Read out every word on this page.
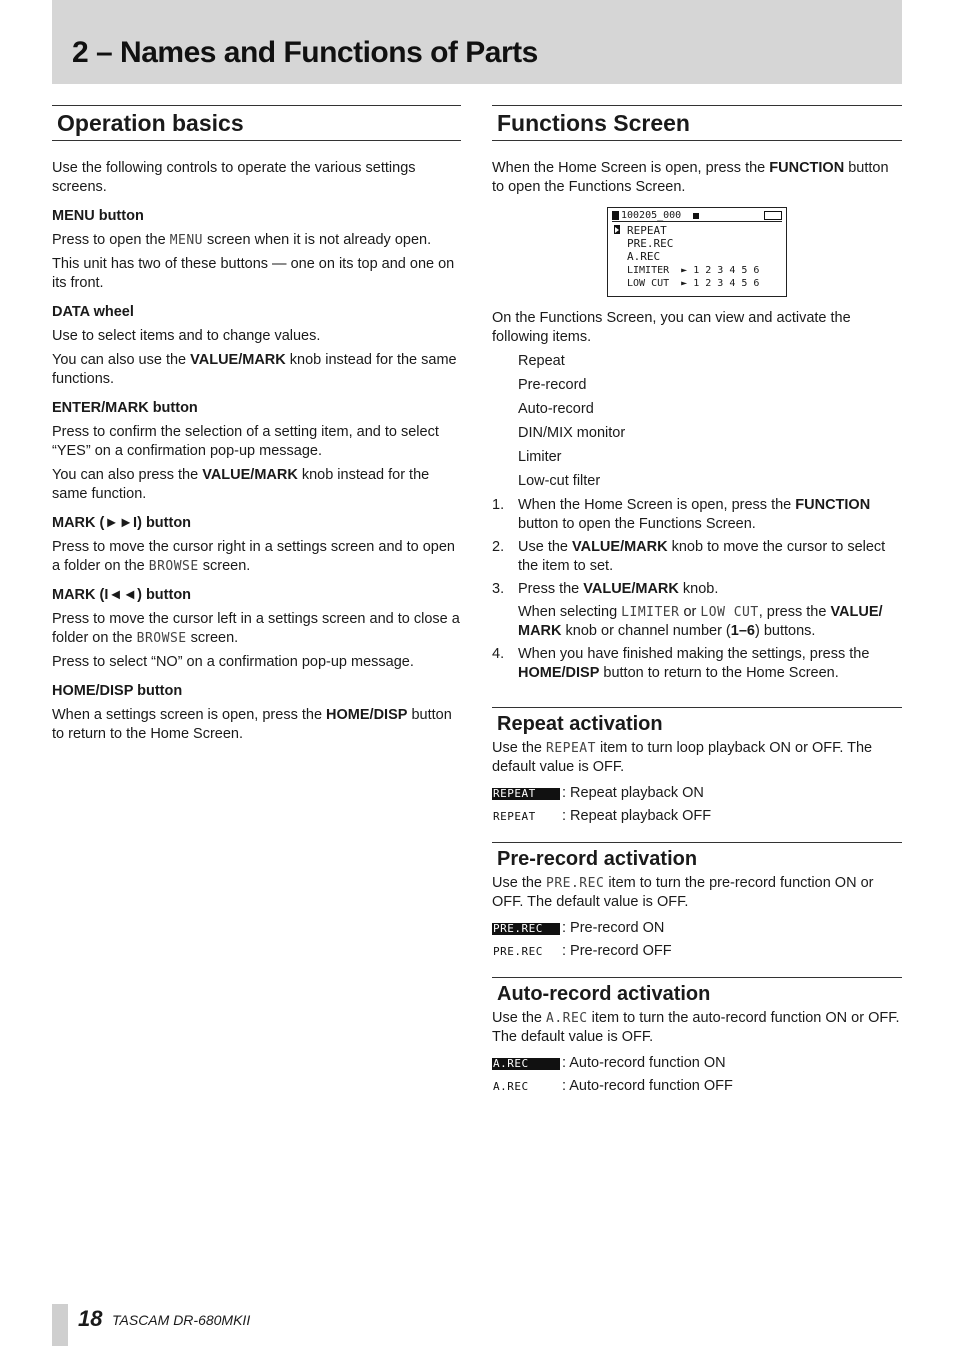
2 – Names and Functions of Parts
Operation basics

Use the following controls to operate the various settings screens.

MENU button

Press to open the MENU screen when it is not already open.

This unit has two of these buttons — one on its top and one on its front.

DATA wheel

Use to select items and to change values.

You can also use the VALUE/MARK knob instead for the same functions.

ENTER/MARK button

Press to confirm the selection of a setting item, and to select “YES” on a confirmation pop-up message.

You can also press the VALUE/MARK knob instead for the same function.

MARK (►►I) button

Press to move the cursor right in a settings screen and to open a folder on the BROWSE screen.

MARK (I◄◄) button

Press to move the cursor left in a settings screen and to close a folder on the BROWSE screen.

Press to select “NO” on a confirmation pop-up message.

HOME/DISP button

When a settings screen is open, press the HOME/DISP button to return to the Home Screen.

Functions Screen

When the Home Screen is open, press the FUNCTION button to open the Functions Screen.

100205_000
REPEAT
PRE.REC
A.REC
LIMITER  ► 1 2 3 4 5 6
LOW CUT  ► 1 2 3 4 5 6

On the Functions Screen, you can view and activate the following items.

Repeat
Pre-record
Auto-record
DIN/MIX monitor
Limiter
Low-cut filter
1. When the Home Screen is open, press the FUNCTION button to open the Functions Screen.
2. Use the VALUE/MARK knob to move the cursor to select the item to set.
3. Press the VALUE/MARK knob.
When selecting LIMITER or LOW CUT, press the VALUE/ MARK knob or channel number (1–6) buttons.
4. When you have finished making the settings, press the HOME/DISP button to return to the Home Screen.
Repeat activation

Use the REPEAT item to turn loop playback ON or OFF. The default value is OFF.

REPEAT	: Repeat playback ON
REPEAT	: Repeat playback OFF
Pre-record activation

Use the PRE.REC item to turn the pre-record function ON or OFF. The default value is OFF.

PRE.REC	: Pre-record ON
PRE.REC	: Pre-record OFF
Auto-record activation

Use the A.REC item to turn the auto-record function ON or OFF. The default value is OFF.

A.REC	: Auto-record function ON
A.REC	: Auto-record function OFF
18 TASCAM DR-680MKII
